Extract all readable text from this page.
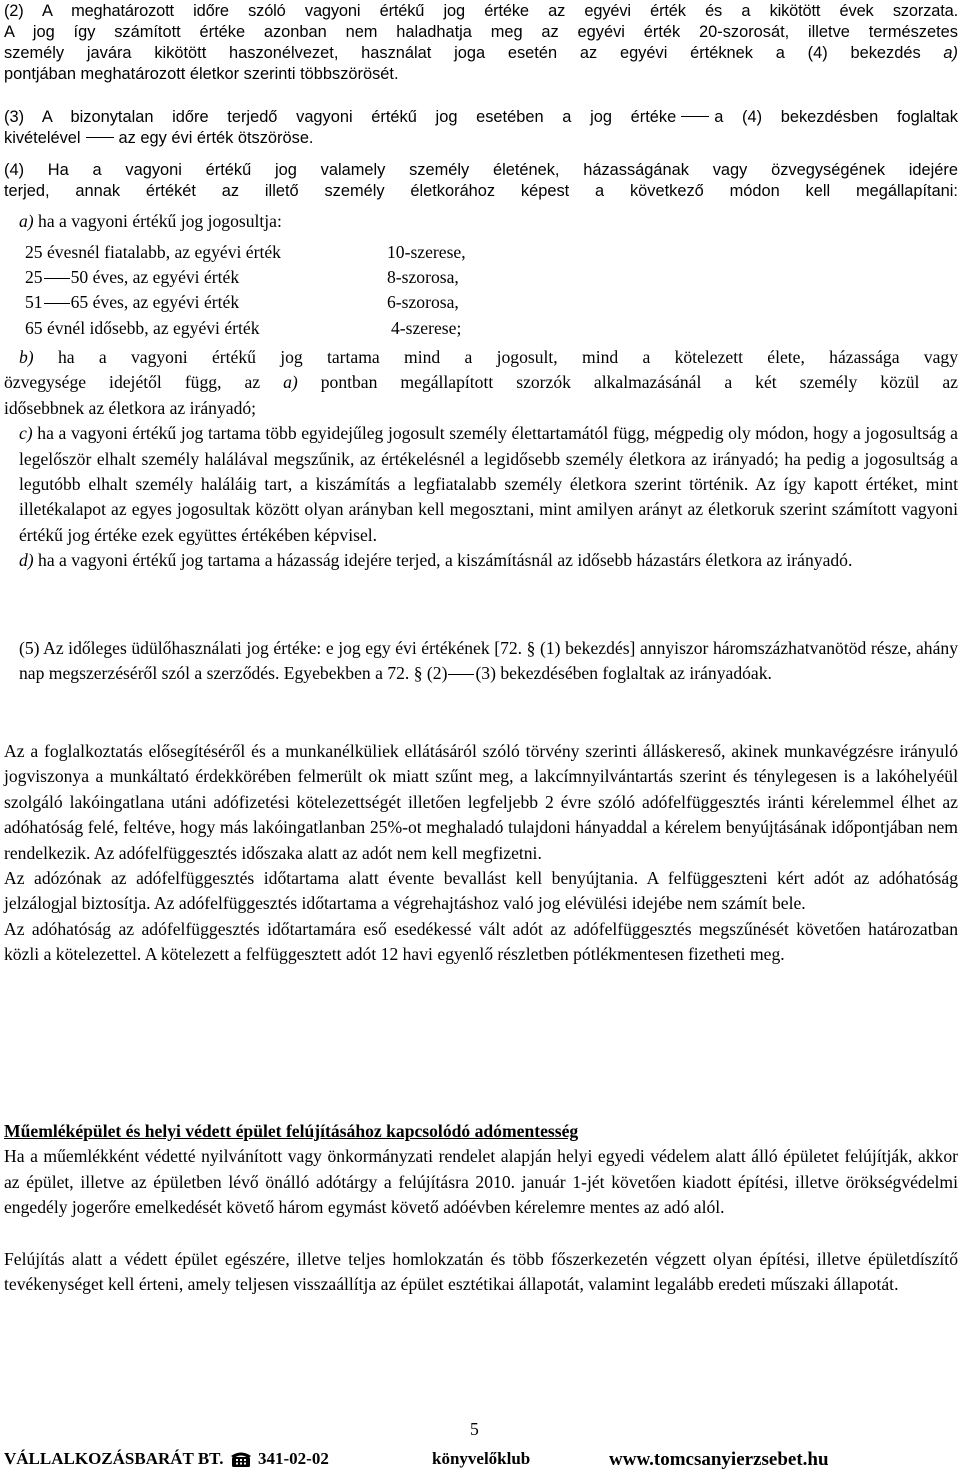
(2) A meghatározott időre szóló vagyoni értékű jog értéke az egyévi érték és a kikötött évek szorzata.

A jog így számított értéke azonban nem haladhatja meg az egyévi érték 20-szorosát, illetve természetes

személy javára kikötött haszonélvezet, használat joga esetén az egyévi értéknek a (4) bekezdés a)

pontjában meghatározott életkor szerinti többszörösét.

(3) A bizonytalan időre terjedő vagyoni értékű jog esetében a jog értéke a (4) bekezdésben foglaltak

kivételével az egy évi érték ötszöröse.

(4) Ha a vagyoni értékű jog valamely személy életének, házasságának vagy özvegységének idejére

terjed, annak értékét az illető személy életkorához képest a következő módon kell megállapítani:

a) ha a vagyoni értékű jog jogosultja:

25 évesnél fiatalabb, az egyévi érték	10-szerese,
25 50 éves, az egyévi érték	8-szorosa,
51 65 éves, az egyévi érték	6-szorosa,
65 évnél idősebb, az egyévi érték	4-szerese;

b) ha a vagyoni értékű jog tartama mind a jogosult, mind a kötelezett élete, házassága vagy

özvegysége idejétől függ, az a) pontban megállapított szorzók alkalmazásánál a két személy közül az

idősebbnek az életkora az irányadó;

c) ha a vagyoni értékű jog tartama több egyidejűleg jogosult személy élettartamától függ, mégpedig oly módon, hogy a jogosultság a legelőször elhalt személy halálával megszűnik, az értékelésnél a legidősebb személy életkora az irányadó; ha pedig a jogosultság a legutóbb elhalt személy haláláig tart, a kiszámítás a legfiatalabb személy életkora szerint történik. Az így kapott értéket, mint illetékalapot az egyes jogosultak között olyan arányban kell megosztani, mint amilyen arányt az életkoruk szerint számított vagyoni értékű jog értéke ezek együttes értékében képvisel.

d) ha a vagyoni értékű jog tartama a házasság idejére terjed, a kiszámításnál az idősebb házastárs életkora az irányadó.

(5) Az időleges üdülőhasználati jog értéke: e jog egy évi értékének [72. § (1) bekezdés] annyiszor háromszázhatvanötöd része, ahány nap megszerzéséről szól a szerződés. Egyebekben a 72. § (2) (3) bekezdésében foglaltak az irányadóak.

Az a foglalkoztatás elősegítéséről és a munkanélküliek ellátásáról szóló törvény szerinti álláskereső, akinek munkavégzésre irányuló jogviszonya a munkáltató érdekkörében felmerült ok miatt szűnt meg, a lakcímnyilvántartás szerint és ténylegesen is a lakóhelyéül szolgáló lakóingatlana utáni adófizetési kötelezettségét illetően legfeljebb 2 évre szóló adófelfüggesztés iránti kérelemmel élhet az adóhatóság felé, feltéve, hogy más lakóingatlanban 25%-ot meghaladó tulajdoni hányaddal a kérelem benyújtásának időpontjában nem rendelkezik. Az adófelfüggesztés időszaka alatt az adót nem kell megfizetni.

Az adózónak az adófelfüggesztés időtartama alatt évente bevallást kell benyújtania. A felfüggeszteni kért adót az adóhatóság jelzálogjal biztosítja. Az adófelfüggesztés időtartama a végrehajtáshoz való jog elévülési idejébe nem számít bele.

Az adóhatóság az adófelfüggesztés időtartamára eső esedékessé vált adót az adófelfüggesztés megszűnését követően határozatban közli a kötelezettel. A kötelezett a felfüggesztett adót 12 havi egyenlő részletben pótlékmentesen fizetheti meg.

Műemléképület és helyi védett épület felújításához kapcsolódó adómentesség

Ha a műemlékként védetté nyilvánított vagy önkormányzati rendelet alapján helyi egyedi védelem alatt álló épületet felújítják, akkor az épület, illetve az épületben lévő önálló adótárgy a felújításra 2010. január 1-jét követően kiadott építési, illetve örökségvédelmi engedély jogerőre emelkedését követő három egymást követő adóévben kérelemre mentes az adó alól.

Felújítás alatt a védett épület egészére, illetve teljes homlokzatán és több főszerkezetén végzett olyan építési, illetve épületdíszítő tevékenységet kell érteni, amely teljesen visszaállítja az épület esztétikai állapotát, valamint legalább eredeti műszaki állapotát.

5
VÁLLALKOZÁSBARÁT BT. 341-02-02	könyvelőklub	www.tomcsanyierzsebet.hu
